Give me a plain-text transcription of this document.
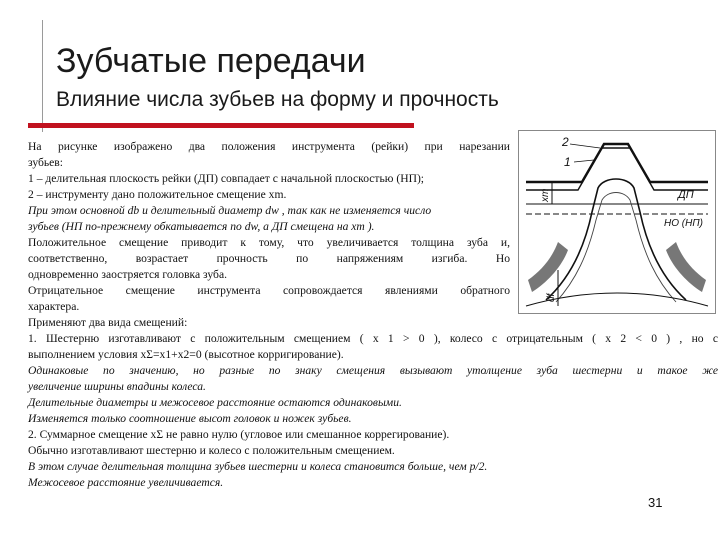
Зубчатые передачи
Влияние числа зубьев на форму и прочность
2
1
ДП
НО (НП)
xm
df
На рисунке изображено два положения инструмента (рейки) при нарезании
зубьев:
1 – делительная плоскость рейки (ДП) совпадает с начальной плоскостью (НП);
2 – инструменту дано положительное смещение xm.
При этом основной db и делительный диаметр dw , так как не изменяется число
зубьев (НП по-прежнему обкатывается по dw, а ДП смещена на xm ).
Положительное смещение приводит к тому, что увеличивается толщина зуба и,
соответственно, возрастает прочность по напряжениям изгиба. Но
одновременно заостряется головка зуба.
Отрицательное смещение инструмента сопровождается явлениями обратного
характера.
Применяют два вида смещений:
1. Шестерню изготавливают с положительным смещением ( x 1 > 0 ), колесо с отрицательным ( x 2 < 0 ) , но с
выполнением условия xΣ=x1+x2=0 (высотное корригирование).
Одинаковые по значению, но разные по знаку смещения вызывают утолщение зуба шестерни и такое же
увеличение ширины впадины колеса.
Делительные диаметры и межосевое расстояние остаются одинаковыми.
Изменяется только соотношение высот головок и ножек зубьев.
2. Суммарное смещение xΣ не равно нулю (угловое или смешанное коррегирование).
Обычно изготавливают шестерню и колесо с положительным смещением.
В этом случае делительная толщина зубьев шестерни и колеса становится больше, чем p/2.
Межосевое расстояние увеличивается.
31
